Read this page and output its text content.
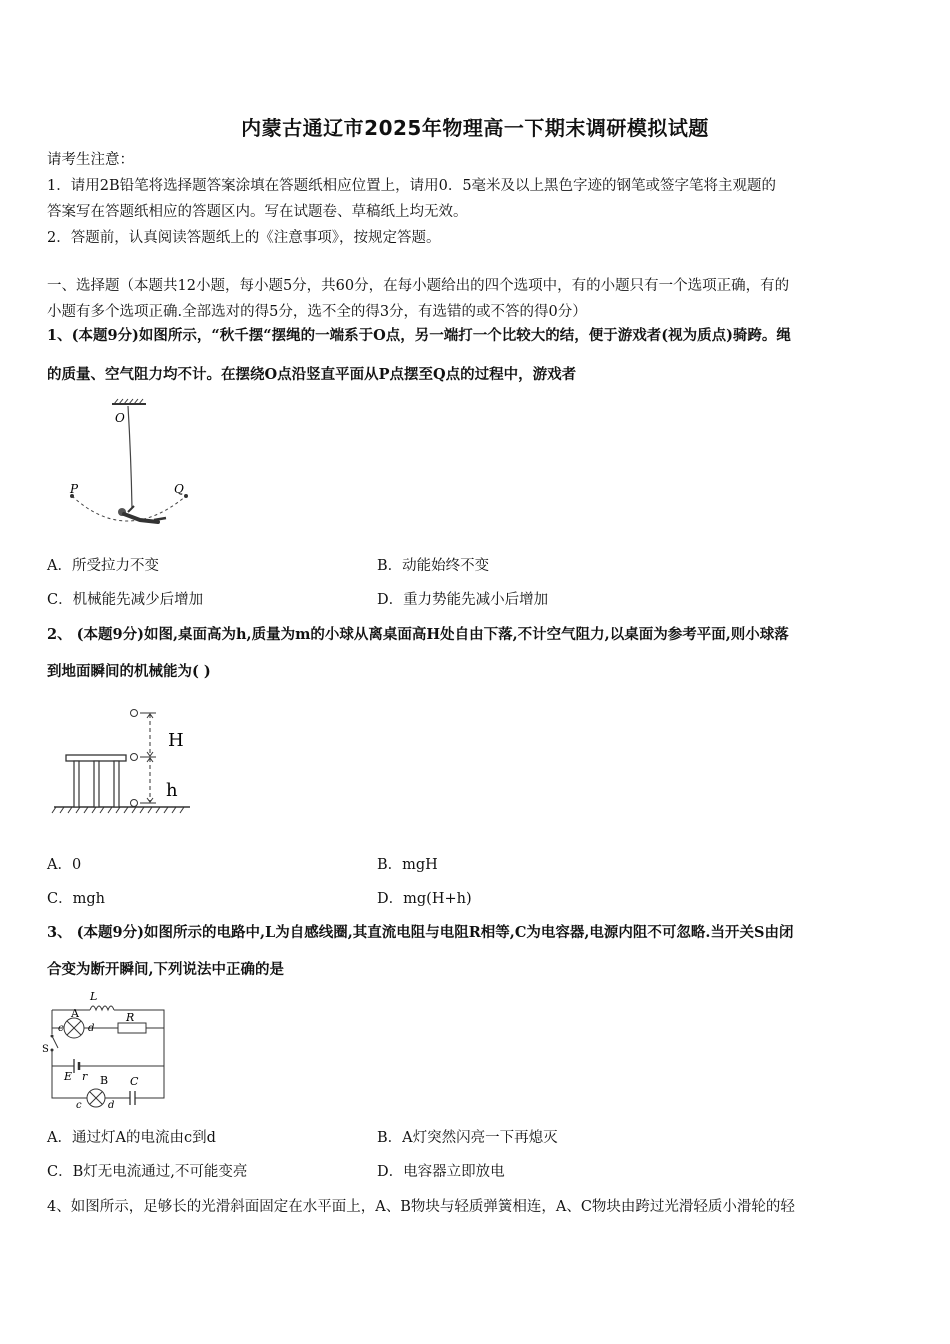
内蒙古通辽市2025年物理高一下期末调研模拟试题
请考生注意：
1．请用2B铅笔将选择题答案涂填在答题纸相应位置上，请用0．5毫米及以上黑色字迹的钢笔或签字笔将主观题的
答案写在答题纸相应的答题区内。写在试题卷、草稿纸上均无效。
2．答题前，认真阅读答题纸上的《注意事项》，按规定答题。
一、选择题（本题共12小题，每小题5分，共60分，在每小题给出的四个选项中，有的小题只有一个选项正确，有的
小题有多个选项正确.全部选对的得5分，选不全的得3分，有选错的或不答的得0分）
1、(本题9分)如图所示，“秋千摆“摆绳的一端系于O点，另一端打一个比较大的结，便于游戏者(视为质点)骑跨。绳
的质量、空气阻力均不计。在摆绕O点沿竖直平面从P点摆至Q点的过程中，游戏者
O
P	Q
A．所受拉力不变	B．动能始终不变
C．机械能先减少后增加	D．重力势能先减小后增加
2、 (本题9分)如图,桌面高为h,质量为m的小球从离桌面高H处自由下落,不计空气阻力,以桌面为参考平面,则小球落
到地面瞬间的机械能为( )
H
h
A．0	B．mgH
C．mgh	D．mg(H+h)
3、 (本题9分)如图所示的电路中,L为自感线圈,其直流电阻与电阻R相等,C为电容器,电源内阻不可忽略.当开关S由闭
合变为断开瞬间,下列说法中正确的是
L
A
c d
R
S
E r B
c	d
C
A．通过灯A的电流由c到d	B．A灯突然闪亮一下再熄灭
C．B灯无电流通过,不可能变亮	D．电容器立即放电
4、如图所示，足够长的光滑斜面固定在水平面上，A、B物块与轻质弹簧相连，A、C物块由跨过光滑轻质小滑轮的轻
